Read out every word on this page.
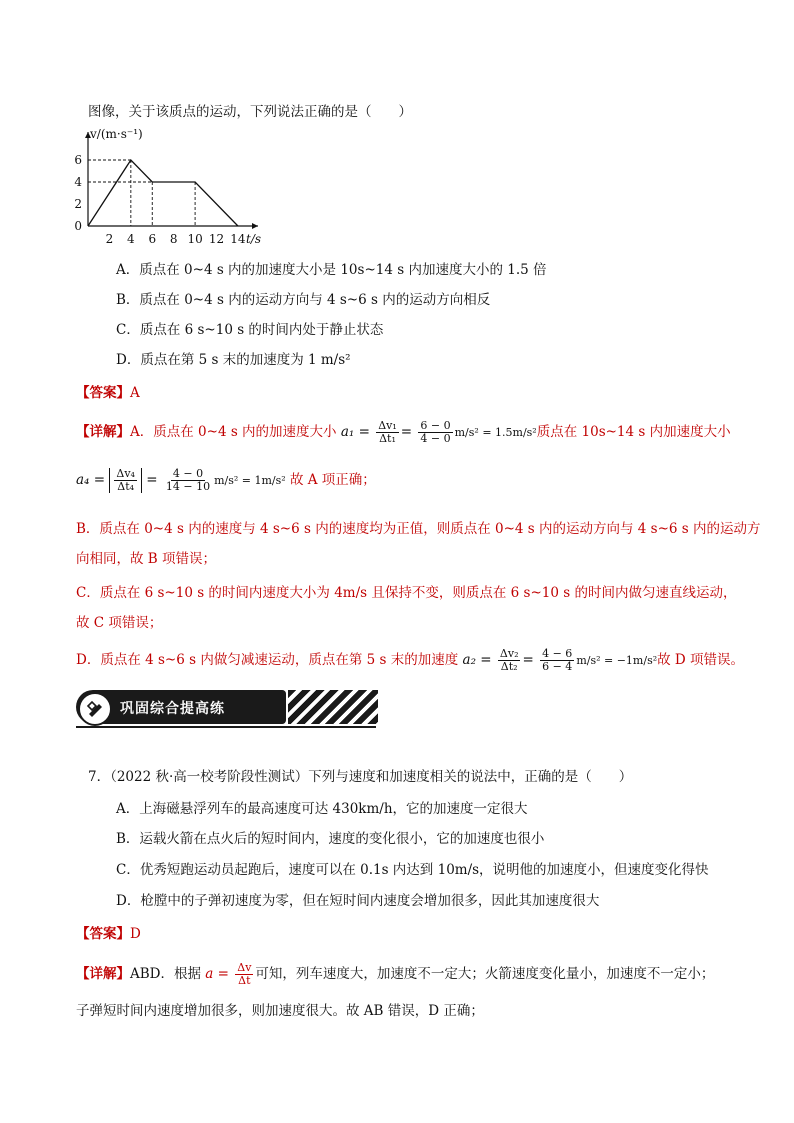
图像，关于该质点的运动，下列说法正确的是（　　）
v/(m·s⁻¹)
t/s
0
2
4
6
2 4 6 8 10 12 14
A．质点在 0~4 s 内的加速度大小是 10s~14 s 内加速度大小的 1.5 倍
B．质点在 0~4 s 内的运动方向与 4 s~6 s 内的运动方向相反
C．质点在 6 s~10 s 的时间内处于静止状态
D．质点在第 5 s 末的加速度为 1 m/s²
【答案】A
【详解】A．质点在 0~4 s 内的加速度大小 $a_1 = \frac{\text{Δv₁}}{\text{Δt₁}} = \frac{6 - 0}{4 - 0} m/s^2 = 1.5m/s^2$质点在 10s~14 s 内加速度大小
$a_4 = \frac{\text{Δv₄}}{\text{Δt₄}} = \frac{4 - 0}{14 - 10} m/s^2 = 1m/s^2$ 故 A 项正确；
B．质点在 0~4 s 内的速度与 4 s~6 s 内的速度均为正值，则质点在 0~4 s 内的运动方向与 4 s~6 s 内的运动方
向相同，故 B 项错误；
C．质点在 6 s~10 s 的时间内速度大小为 4m/s 且保持不变，则质点在 6 s~10 s 的时间内做匀速直线运动，
故 C 项错误；
D．质点在 4 s~6 s 内做匀减速运动，质点在第 5 s 末的加速度 $a_2 = \frac{\text{Δv₂}}{\text{Δt₂}} = \frac{4 - 6}{6 - 4} m/s^2 = -1m/s^2$故 D 项错误。
巩固综合提高练
7．（2022 秋·高一校考阶段性测试）下列与速度和加速度相关的说法中，正确的是（　　）
A．上海磁悬浮列车的最高速度可达 430km/h，它的加速度一定很大
B．运载火箭在点火后的短时间内，速度的变化很小，它的加速度也很小
C．优秀短跑运动员起跑后，速度可以在 0.1s 内达到 10m/s，说明他的加速度小，但速度变化得快
D．枪膛中的子弹初速度为零，但在短时间内速度会增加很多，因此其加速度很大
【答案】D
【详解】ABD．根据 $a = \frac{\Delta v}{\Delta t}$ 可知，列车速度大，加速度不一定大；火箭速度变化量小，加速度不一定小；
子弹短时间内速度增加很多，则加速度很大。故 AB 错误，D 正确；
